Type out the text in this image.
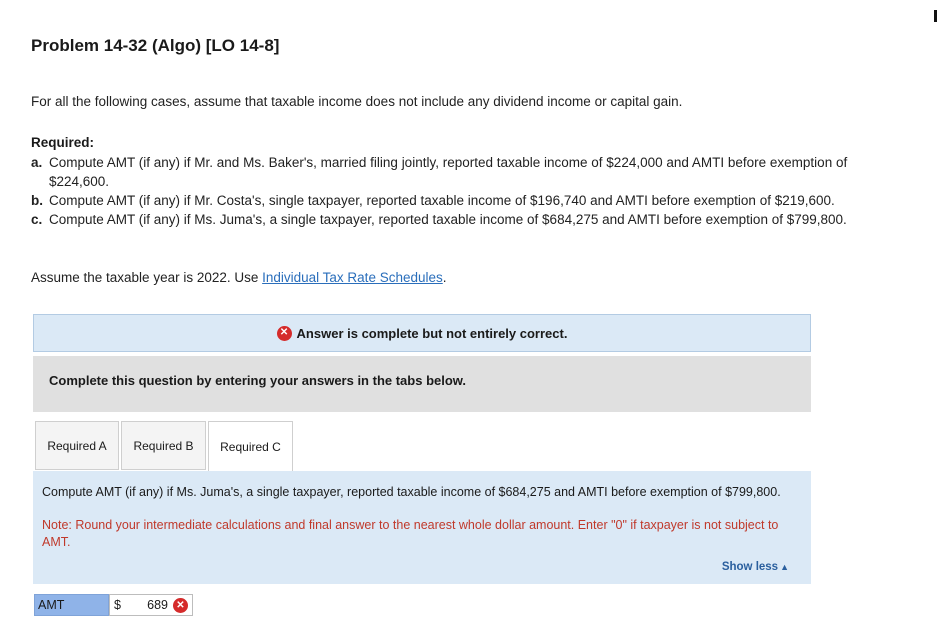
Problem 14-32 (Algo) [LO 14-8]
For all the following cases, assume that taxable income does not include any dividend income or capital gain.
Required:
a. Compute AMT (if any) if Mr. and Ms. Baker's, married filing jointly, reported taxable income of $224,000 and AMTI before exemption of $224,600.
b. Compute AMT (if any) if Mr. Costa's, single taxpayer, reported taxable income of $196,740 and AMTI before exemption of $219,600.
c. Compute AMT (if any) if Ms. Juma's, a single taxpayer, reported taxable income of $684,275 and AMTI before exemption of $799,800.
Assume the taxable year is 2022. Use Individual Tax Rate Schedules.
✕ Answer is complete but not entirely correct.
Complete this question by entering your answers in the tabs below.
Required A	Required B	Required C
Compute AMT (if any) if Ms. Juma's, a single taxpayer, reported taxable income of $684,275 and AMTI before exemption of $799,800.
Note: Round your intermediate calculations and final answer to the nearest whole dollar amount. Enter "0" if taxpayer is not subject to AMT.
Show less ▲
AMT	$ 689 ✕
